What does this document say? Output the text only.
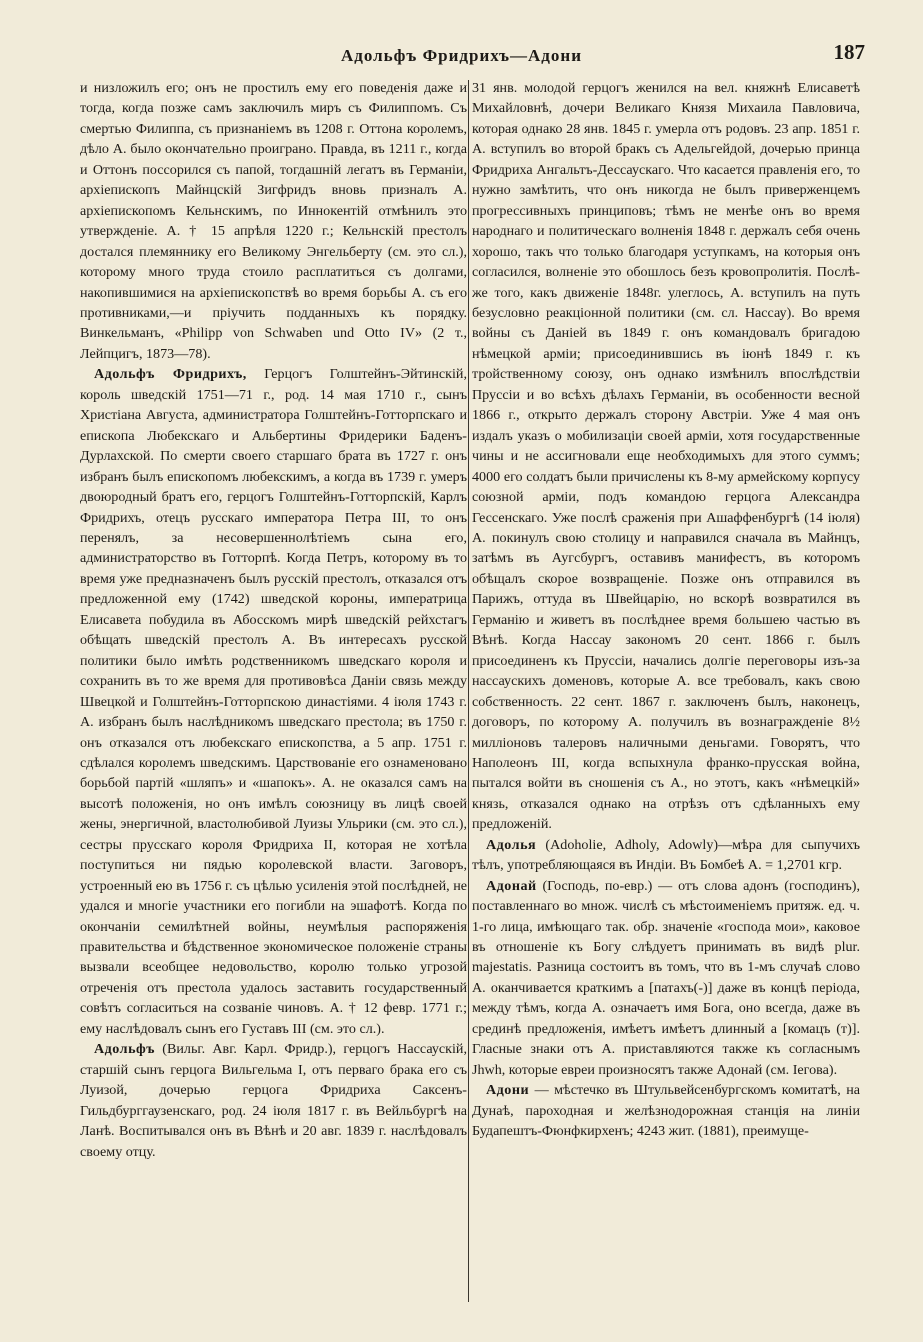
Адольфъ Фридрихъ—Адони	187

и низложилъ его; онъ не простилъ ему его поведенія даже и тогда, когда позже самъ заключилъ миръ съ Филиппомъ. Съ смертью Филиппа, съ признаніемъ въ 1208 г. Оттона королемъ, дѣло А. было окончательно проиграно. Правда, въ 1211 г., когда и Оттонъ поссорился съ папой, тогдашній легатъ въ Германіи, архіепископъ Майнцскій Зигфридъ вновь призналъ А. архіепископомъ Кельнскимъ, по Иннокентій отмѣнилъ это утвержденіе. А. † 15 апрѣля 1220 г.; Кельнскій престолъ достался племяннику его Великому Энгельберту (см. это сл.), которому много труда стоило расплатиться съ долгами, накопившимися на архіепископствѣ во время борьбы А. съ его противниками,—и пріучить подданныхъ къ порядку. Винкельманъ, «Philipp von Schwaben und Otto IV» (2 т., Лейпцигъ, 1873—78).

Адольфъ Фридрихъ, Герцогъ Голштейнъ-Эйтинскій, король шведскій 1751—71 г., род. 14 мая 1710 г., сынъ Христіана Августа, администратора Голштейнъ-Готторпскаго и епископа Любекскаго и Альбертины Фридерики Баденъ-Дурлахской. По смерти своего старшаго брата въ 1727 г. онъ избранъ былъ епископомъ любекскимъ, а когда въ 1739 г. умеръ двоюродный братъ его, герцогъ Голштейнъ-Готторпскій, Карлъ Фридрихъ, отецъ русскаго императора Петра III, то онъ перенялъ, за несовершеннолѣтіемъ сына его, администраторство въ Готторпѣ. Когда Петръ, которому въ то время уже предназначенъ былъ русскій престолъ, отказался отъ предложенной ему (1742) шведской короны, императрица Елисавета побудила въ Абосскомъ мирѣ шведскій рейхстагъ обѣщать шведскій престолъ А. Въ интересахъ русской политики было имѣть родственникомъ шведскаго короля и сохранить въ то же время для противовѣса Даніи связь между Швецкой и Голштейнъ-Готторпскою династіями. 4 іюля 1743 г. А. избранъ былъ наслѣдникомъ шведскаго престола; въ 1750 г. онъ отказался отъ любекскаго епископства, а 5 апр. 1751 г. сдѣлался королемъ шведскимъ. Царствованіе его ознаменовано борьбой партій «шляпъ» и «шапокъ». А. не оказался самъ на высотѣ положенія, но онъ имѣлъ союзницу въ лицѣ своей жены, энергичной, властолюбивой Луизы Ульрики (см. это сл.), сестры прусскаго короля Фридриха II, которая не хотѣла поступиться ни пядью королевской власти. Заговоръ, устроенный ею въ 1756 г. съ цѣлью усиленія этой послѣдней, не удался и многіе участники его погибли на эшафотѣ. Когда по окончаніи семилѣтней войны, неумѣлыя распоряженія правительства и бѣдственное экономическое положеніе страны вызвали всеобщее недовольство, королю только угрозой отреченія отъ престола удалось заставить государственный совѣтъ согласиться на созваніе чиновъ. А. † 12 февр. 1771 г.; ему наслѣдовалъ сынъ его Густавъ III (см. это сл.).

Адольфъ (Вильг. Авг. Карл. Фридр.), герцогъ Нассаускій, старшій сынъ герцога Вильгельма I, отъ перваго брака его съ Луизой, дочерью герцога Фридриха Саксенъ-Гильдбурггаузенскаго, род. 24 іюля 1817 г. въ Вейльбургѣ на Ланѣ. Воспитывался онъ въ Вѣнѣ и 20 авг. 1839 г. наслѣдовалъ своему отцу.

31 янв. молодой герцогъ женился на вел. княжнѣ Елисаветѣ Михайловнѣ, дочери Великаго Князя Михаила Павловича, которая однако 28 янв. 1845 г. умерла отъ родовъ. 23 апр. 1851 г. А. вступилъ во второй бракъ съ Адельгейдой, дочерью принца Фридриха Ангальтъ-Дессаускаго. Что касается правленія его, то нужно замѣтить, что онъ никогда не былъ приверженцемъ прогрессивныхъ принциповъ; тѣмъ не менѣе онъ во время народнаго и политическаго волненія 1848 г. держалъ себя очень хорошо, такъ что только благодаря уступкамъ, на которыя онъ согласился, волненіе это обошлось безъ кровопролитія. Послѣ-же того, какъ движеніе 1848г. улеглось, А. вступилъ на путь безусловно реакціонной политики (см. сл. Нассау). Во время войны съ Даніей въ 1849 г. онъ командовалъ бригадою нѣмецкой арміи; присоединившись въ іюнѣ 1849 г. къ тройственному союзу, онъ однако измѣнилъ впослѣдствіи Пруссіи и во всѣхъ дѣлахъ Германіи, въ особенности весной 1866 г., открыто держалъ сторону Австріи. Уже 4 мая онъ издалъ указъ о мобилизаціи своей арміи, хотя государственные чины и не ассигновали еще необходимыхъ для этого суммъ; 4000 его солдатъ были причислены къ 8-му армейскому корпусу союзной арміи, подъ командою герцога Александра Гессенскаго. Уже послѣ сраженія при Ашаффенбургѣ (14 іюля) А. покинулъ свою столицу и направился сначала въ Майнцъ, затѣмъ въ Аугсбургъ, оставивъ манифестъ, въ которомъ обѣщалъ скорое возвращеніе. Позже онъ отправился въ Парижъ, оттуда въ Швейцарію, но вскорѣ возвратился въ Германію и живетъ въ послѣднее время большею частью въ Вѣнѣ. Когда Нассау закономъ 20 сент. 1866 г. былъ присоединенъ къ Пруссіи, начались долгіе переговоры изъ-за нассаускихъ доменовъ, которые А. все требовалъ, какъ свою собственность. 22 сент. 1867 г. заключенъ былъ, наконецъ, договоръ, по которому А. получилъ въ вознагражденіе 8½ милліоновъ талеровъ наличными деньгами. Говорятъ, что Наполеонъ III, когда вспыхнула франко-прусская война, пытался войти въ сношенія съ А., но этотъ, какъ «нѣмецкій» князь, отказался однако на отрѣзъ отъ сдѣланныхъ ему предложеній.

Адолья (Adoholie, Adholy, Adowly)—мѣра для сыпучихъ тѣлъ, употребляющаяся въ Индіи. Въ Бомбеѣ А. = 1,2701 кгр.

Адонай (Господь, по-евр.) — отъ слова адонъ (господинъ), поставленнаго во множ. числѣ съ мѣстоименіемъ притяж. ед. ч. 1-го лица, имѣющаго так. обр. значеніе «господа мои», каковое въ отношеніе къ Богу слѣдуетъ принимать въ видѣ plur. majestatis. Разница состоитъ въ томъ, что въ 1-мъ случаѣ слово А. оканчивается краткимъ а [патахъ(-)] даже въ концѣ періода, между тѣмъ, когда А. означаетъ имя Бога, оно всегда, даже въ срединѣ предложенія, имѣетъ имѣетъ длинный а [комацъ (т)]. Гласные знаки отъ А. приставляются также къ согласнымъ Jhwh, которые евреи произносятъ также Адонай (см. Іегова).

Адони — мѣстечко въ Штульвейсенбургскомъ комитатѣ, на Дунаѣ, пароходная и желѣзнодорожная станція на линіи Будапештъ-Фюнфкирхенъ; 4243 жит. (1881), преимуще-
